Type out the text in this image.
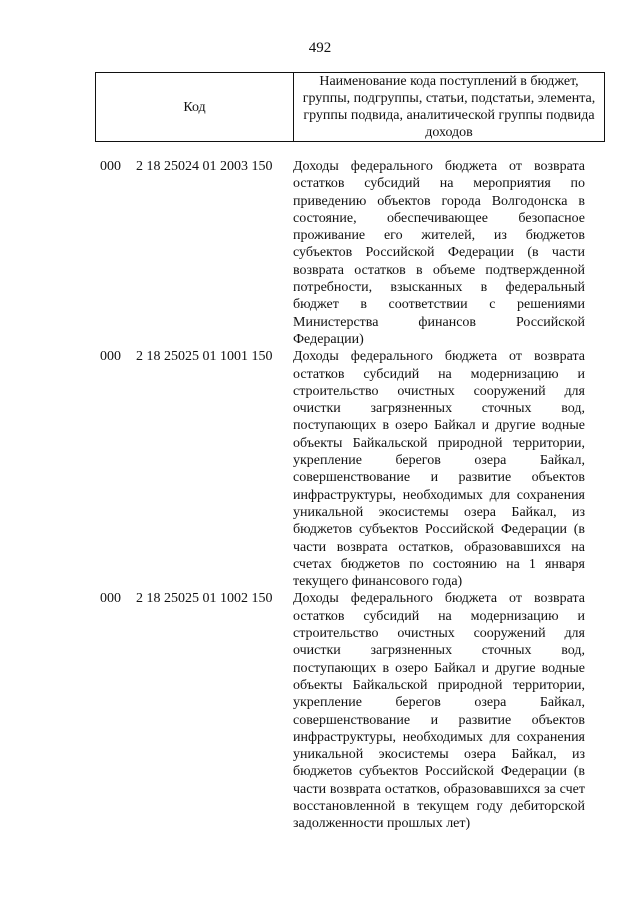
492
Код	Наименование кода поступлений в бюджет, группы, подгруппы, статьи, подстатьи, элемента, группы подвида, аналитической группы подвида доходов
000	2 18 25024 01 2003 150	Доходы федерального бюджета от возврата остатков субсидий на мероприятия по приведению объектов города Волгодонска в состояние, обеспечивающее безопасное проживание его жителей, из бюджетов субъектов Российской Федерации (в части возврата остатков в объеме подтвержденной потребности, взысканных в федеральный бюджет в соответствии с решениями Министерства финансов Российской Федерации)
000	2 18 25025 01 1001 150	Доходы федерального бюджета от возврата остатков субсидий на модернизацию и строительство очистных сооружений для очистки загрязненных сточных вод, поступающих в озеро Байкал и другие водные объекты Байкальской природной территории, укрепление берегов озера Байкал, совершенствование и развитие объектов инфраструктуры, необходимых для сохранения уникальной экосистемы озера Байкал, из бюджетов субъектов Российской Федерации (в части возврата остатков, образовавшихся на счетах бюджетов по состоянию на 1 января текущего финансового года)
000	2 18 25025 01 1002 150	Доходы федерального бюджета от возврата остатков субсидий на модернизацию и строительство очистных сооружений для очистки загрязненных сточных вод, поступающих в озеро Байкал и другие водные объекты Байкальской природной территории, укрепление берегов озера Байкал, совершенствование и развитие объектов инфраструктуры, необходимых для сохранения уникальной экосистемы озера Байкал, из бюджетов субъектов Российской Федерации (в части возврата остатков, образовавшихся за счет восстановленной в текущем году дебиторской задолженности прошлых лет)
